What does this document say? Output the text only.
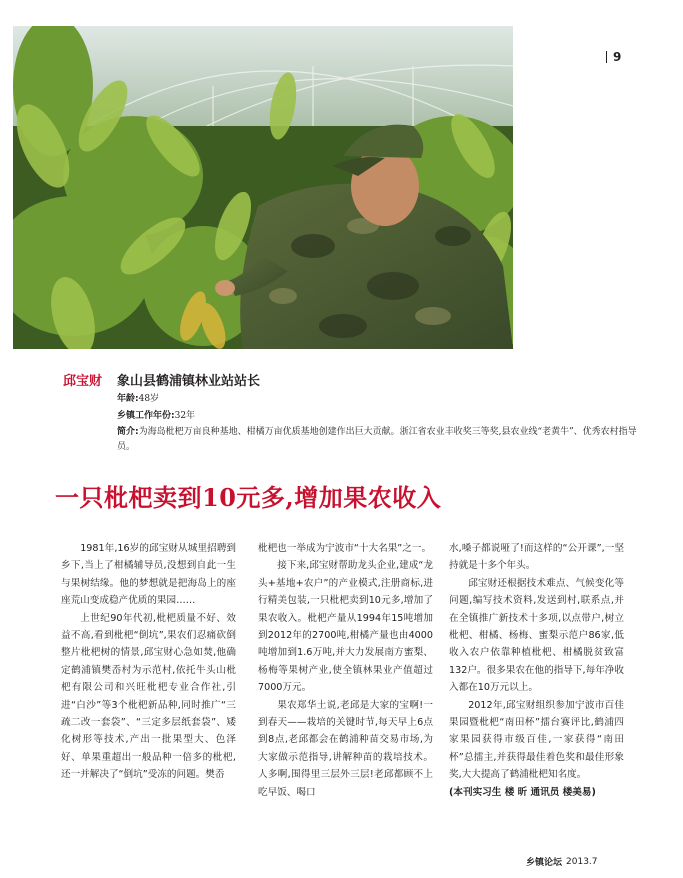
9
邱宝财 象山县鹤浦镇林业站站长
年龄:48岁
乡镇工作年份:32年
简介:为海岛枇杷万亩良种基地、柑橘万亩优质基地创建作出巨大贡献。浙江省农业丰收奖三等奖,县农业线“老黄牛”、优秀农村指导员。
一只枇杷卖到10元多,增加果农收入

1981年,16岁的邱宝财从城里招聘到乡下,当上了柑橘辅导员,没想到自此一生与果树结缘。他的梦想就是把海岛上的座座荒山变成稳产优质的果园……

上世纪90年代初,枇杷质量不好、效益不高,看到枇杷“倒坑”,果农们忍痛砍倒整片枇杷树的情景,邱宝财心急如焚,他确定鹤浦镇樊岙村为示范村,依托牛头山枇杷有限公司和兴旺枇杷专业合作社,引进“白沙”等3个枇杷新品种,同时推广“三疏二改一套袋”、“三定多层纸套袋”、矮化树形等技术,产出一批果型大、色泽好、单果重超出一般品种一倍多的枇杷,还一并解决了“倒坑”受冻的问题。樊岙

枇杷也一举成为宁波市“十大名果”之一。

接下来,邱宝财帮助龙头企业,建成“龙头+基地+农户”的产业模式,注册商标,进行精美包装,一只枇杷卖到10元多,增加了果农收入。枇杷产量从1994年15吨增加到2012年的2700吨,柑橘产量也由4000吨增加到1.6万吨,并大力发展南方蜜梨、杨梅等果树产业,使全镇林果业产值超过7000万元。

果农郑华土说,老邱是大家的宝啊!一到春天——栽培的关键时节,每天早上6点到8点,老邱都会在鹤浦种苗交易市场,为大家做示范指导,讲解种苗的栽培技术。人多啊,围得里三层外三层!老邱都顾不上吃早饭、喝口

水,嗓子都说哑了!而这样的“公开课”,一坚持就是十多个年头。

邱宝财还根据技术难点、气候变化等问题,编写技术资料,发送到村,联系点,并在全镇推广新技术十多项,以点带户,树立枇杷、柑橘、杨梅、蜜梨示范户86家,低收入农户依靠种植枇杷、柑橘脱贫致富132户。很多果农在他的指导下,每年净收入都在10万元以上。

2012年,邱宝财组织参加宁波市百佳果园暨枇杷“南田杯”擂台赛评比,鹤浦四家果园获得市级百佳,一家获得“南田杯”总擂主,并获得最佳着色奖和最佳形象奖,大大提高了鹤浦枇杷知名度。

(本刊实习生 楼 昕 通讯员 楼美易)

乡镇论坛 2013.7
